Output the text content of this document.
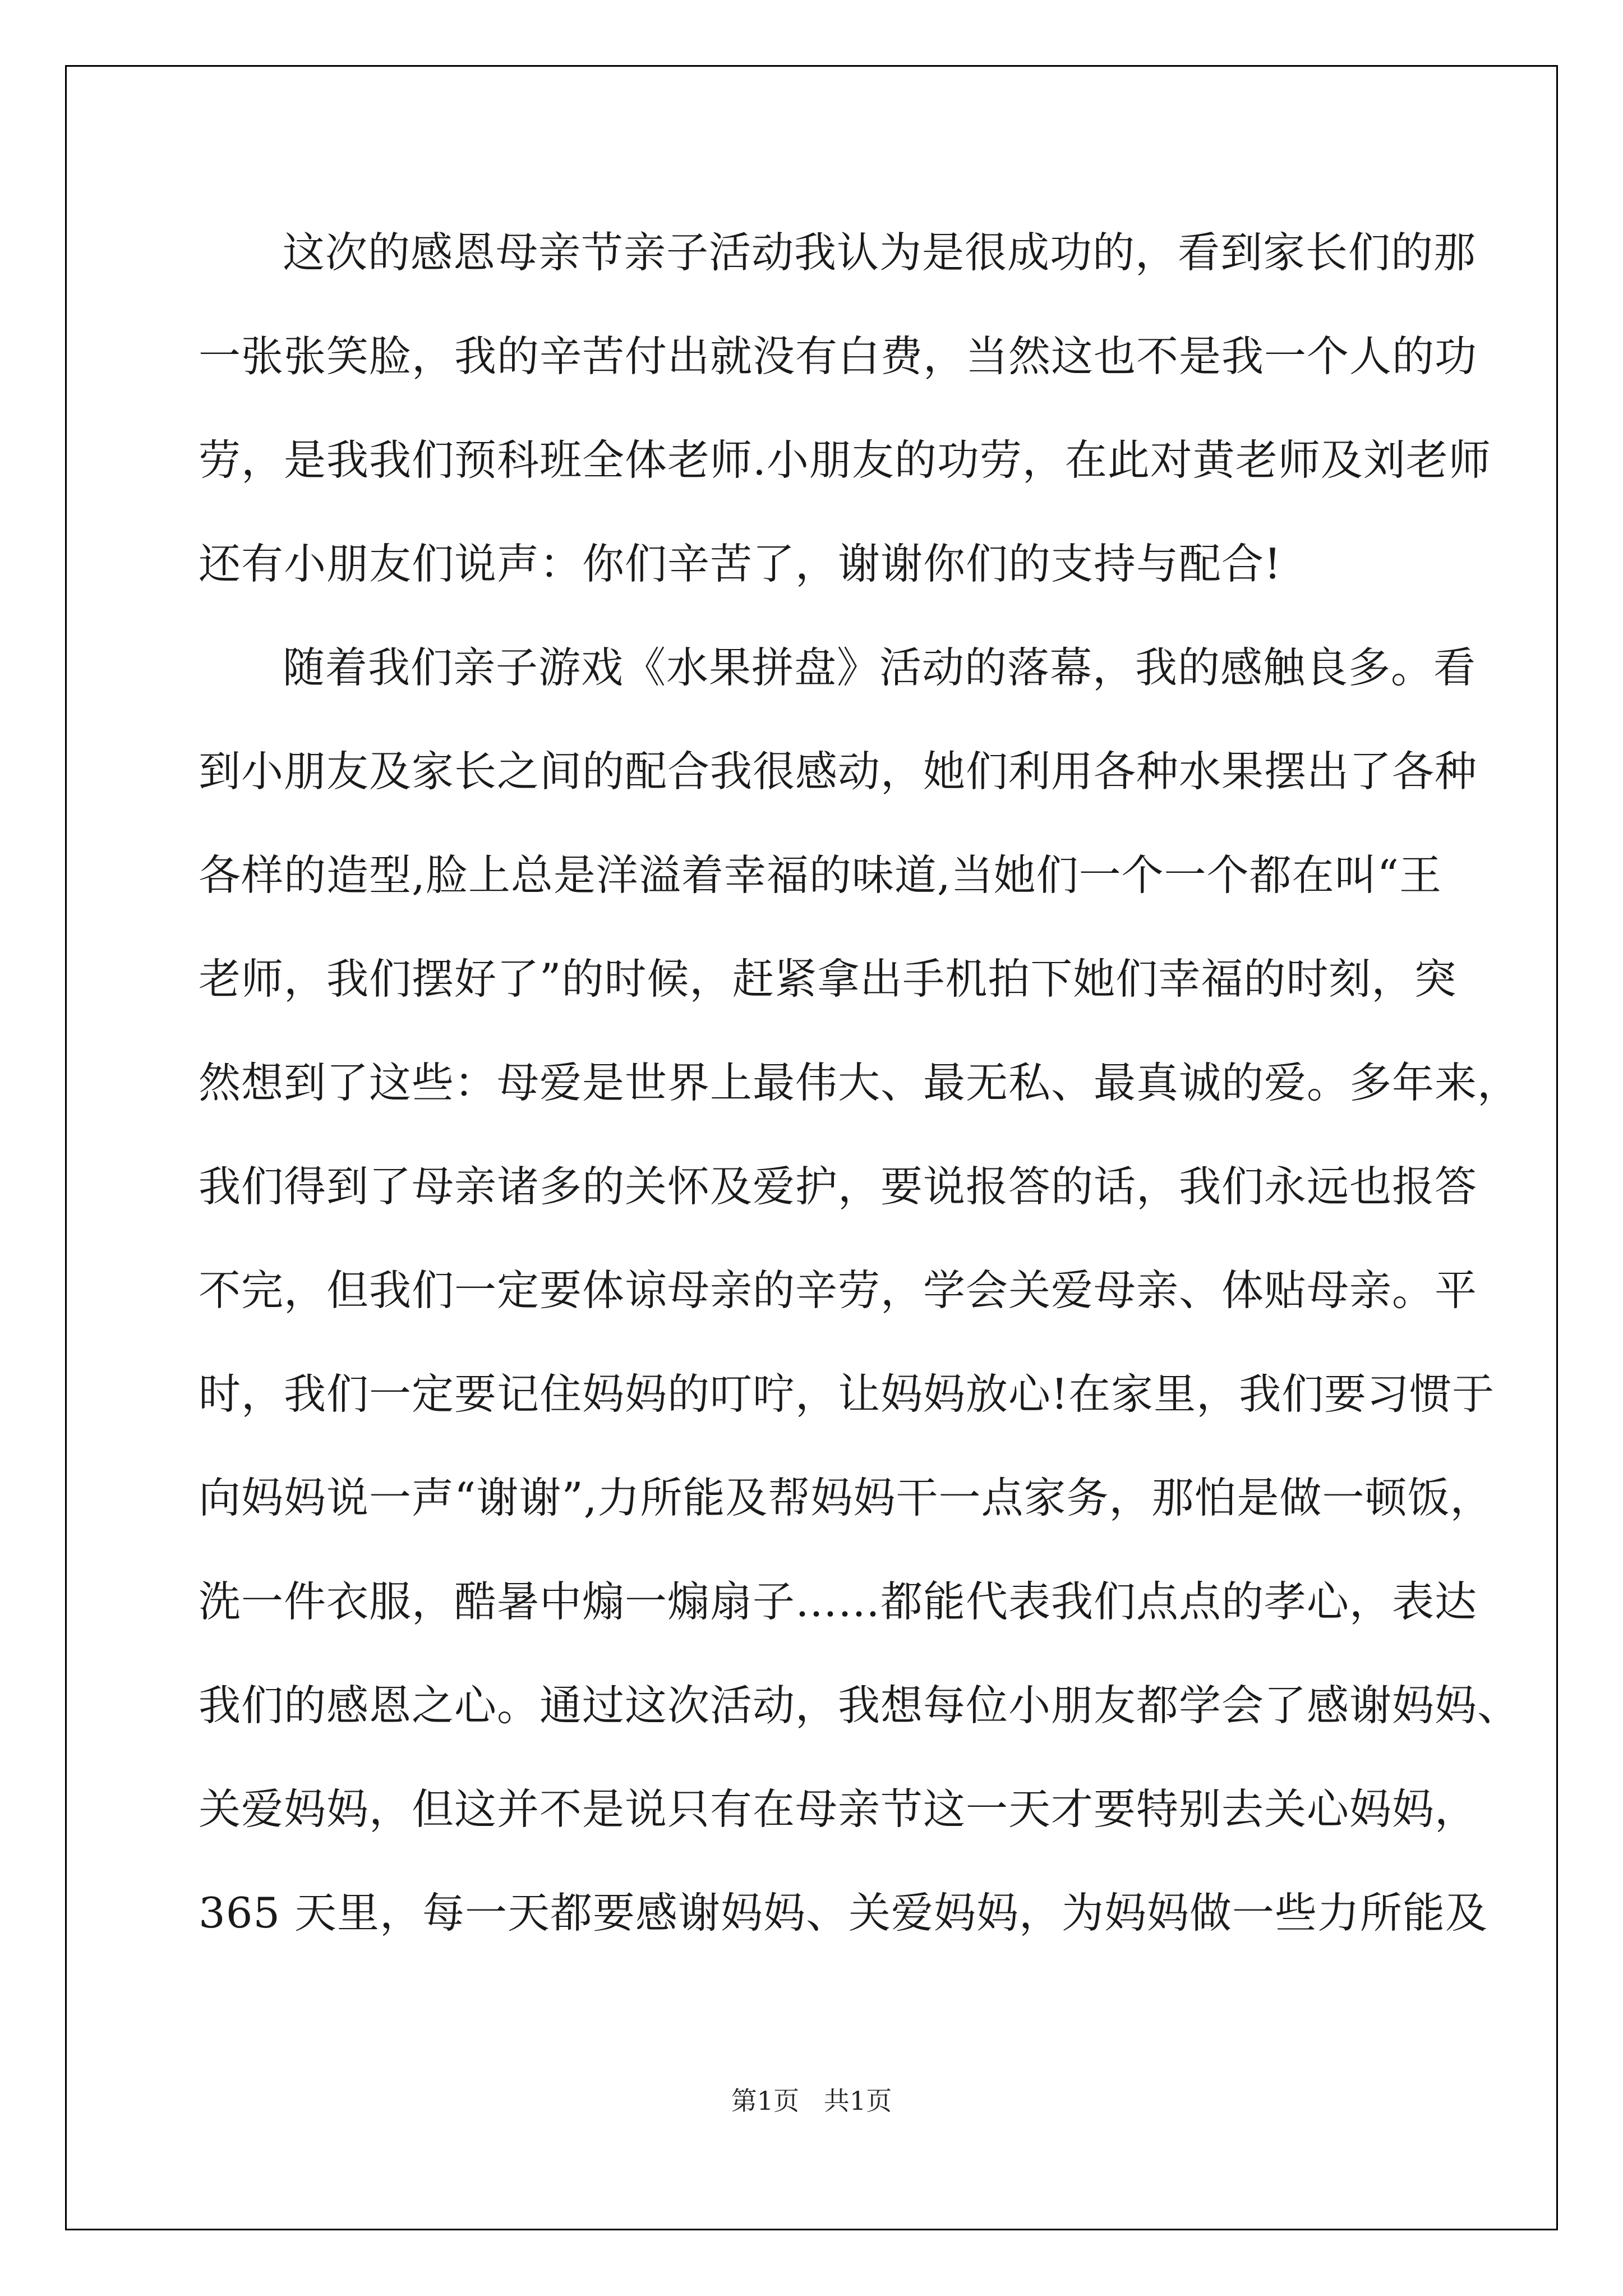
这次的感恩母亲节亲子活动我认为是很成功的，看到家长们的那
一张张笑脸，我的辛苦付出就没有白费，当然这也不是我一个人的功
劳，是我我们预科班全体老师.小朋友的功劳，在此对黄老师及刘老师
还有小朋友们说声：你们辛苦了，谢谢你们的支持与配合!
随着我们亲子游戏《水果拼盘》活动的落幕，我的感触良多。看
到小朋友及家长之间的配合我很感动，她们利用各种水果摆出了各种
各样的造型,脸上总是洋溢着幸福的味道,当她们一个一个都在叫“王
老师，我们摆好了”的时候，赶紧拿出手机拍下她们幸福的时刻，突
然想到了这些：母爱是世界上最伟大、最无私、最真诚的爱。多年来，
我们得到了母亲诸多的关怀及爱护，要说报答的话，我们永远也报答
不完，但我们一定要体谅母亲的辛劳，学会关爱母亲、体贴母亲。平
时，我们一定要记住妈妈的叮咛，让妈妈放心!在家里，我们要习惯于
向妈妈说一声“谢谢”,力所能及帮妈妈干一点家务，那怕是做一顿饭，
洗一件衣服，酷暑中煽一煽扇子……都能代表我们点点的孝心，表达
我们的感恩之心。通过这次活动，我想每位小朋友都学会了感谢妈妈、
关爱妈妈，但这并不是说只有在母亲节这一天才要特别去关心妈妈，
365 天里，每一天都要感谢妈妈、关爱妈妈，为妈妈做一些力所能及
第1页   共1页
